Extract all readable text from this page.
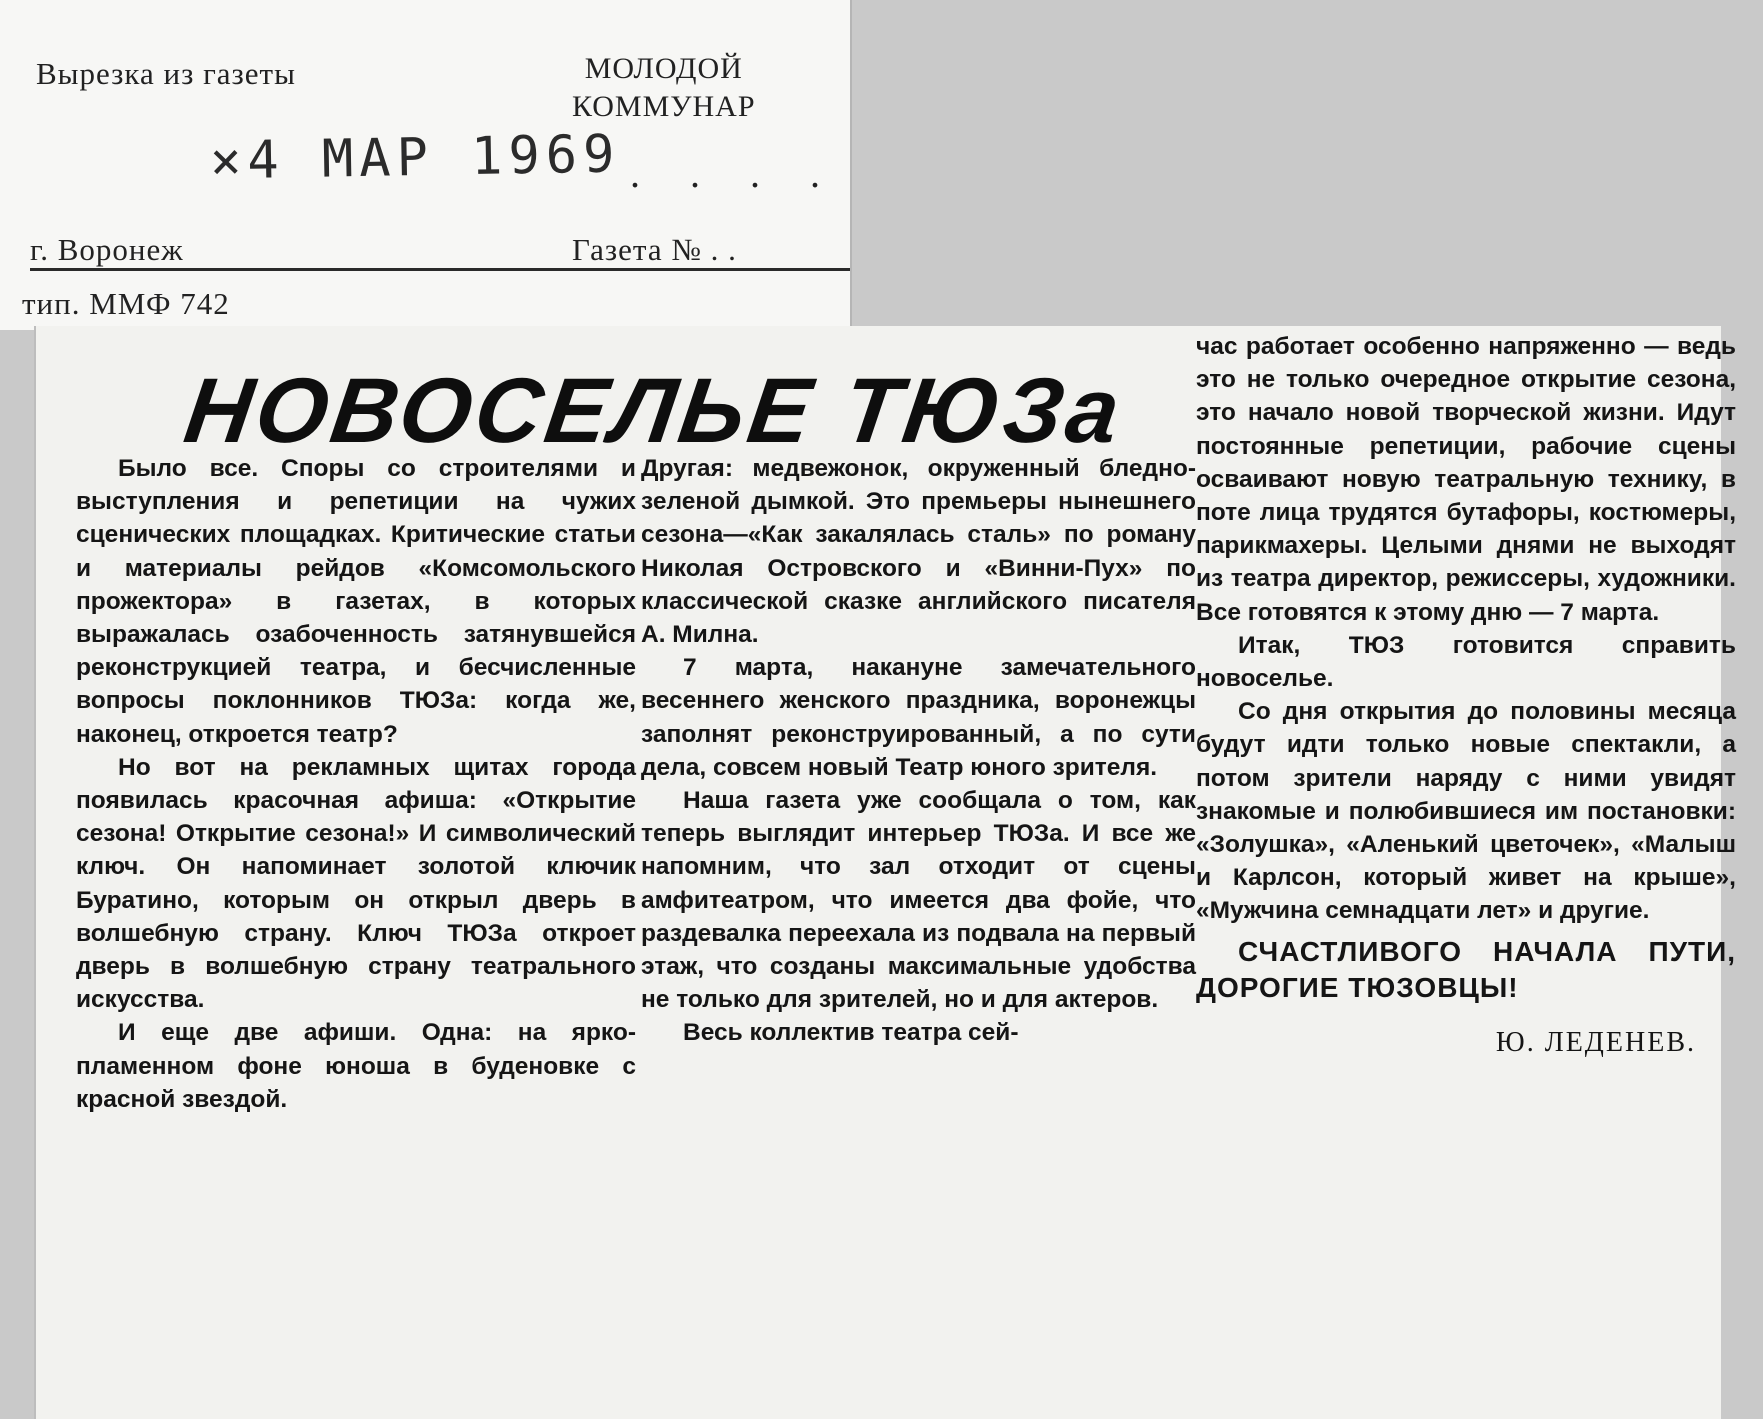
Вырезка из газеты	МОЛОДОЙ
КОММУНАР
×4 МАР 1969 . . . .
г. Воронеж	Газета № . .
тип. ММФ 742
НОВОСЕЛЬЕ ТЮЗа

Было все. Споры со строителями и выступления и репетиции на чужих сценических площадках. Критические статьи и материалы рейдов «Комсомольского прожектора» в газетах, в которых выражалась озабоченность затянувшейся реконструкцией театра, и бесчисленные вопросы поклонников ТЮЗа: когда же, наконец, откроется театр?

Но вот на рекламных щитах города появилась красочная афиша: «Открытие сезона! Открытие сезона!» И символический ключ. Он напоминает золотой ключик Буратино, которым он открыл дверь в волшебную страну. Ключ ТЮЗа откроет дверь в волшебную страну театрального искусства.

И еще две афиши. Одна: на ярко-пламенном фоне юноша в буденовке с красной звездой.

Другая: медвежонок, окруженный бледно-зеленой дымкой. Это премьеры нынешнего сезона—«Как закалялась сталь» по роману Николая Островского и «Винни-Пух» по классической сказке английского писателя А. Милна.

7 марта, накануне замечательного весеннего женского праздника, воронежцы заполнят реконструированный, а по сути дела, совсем новый Театр юного зрителя.

Наша газета уже сообщала о том, как теперь выглядит интерьер ТЮЗа. И все же напомним, что зал отходит от сцены амфитеатром, что имеется два фойе, что раздевалка переехала из подвала на первый этаж, что созданы максимальные удобства не только для зрителей, но и для актеров.

Весь коллектив театра сей-

час работает особенно напряженно — ведь это не только очередное открытие сезона, это начало новой творческой жизни. Идут постоянные репетиции, рабочие сцены осваивают новую театральную технику, в поте лица трудятся бутафоры, костюмеры, парикмахеры. Целыми днями не выходят из театра директор, режиссеры, художники. Все готовятся к этому дню — 7 марта.

Итак, ТЮЗ готовится справить новоселье.

Со дня открытия до половины месяца будут идти только новые спектакли, а потом зрители наряду с ними увидят знакомые и полюбившиеся им постановки: «Золушка», «Аленький цветочек», «Малыш и Карлсон, который живет на крыше», «Мужчина семнадцати лет» и другие.

СЧАСТЛИВОГО НАЧАЛА ПУТИ, ДОРОГИЕ ТЮЗОВЦЫ!
Ю. ЛЕДЕНЕВ.
